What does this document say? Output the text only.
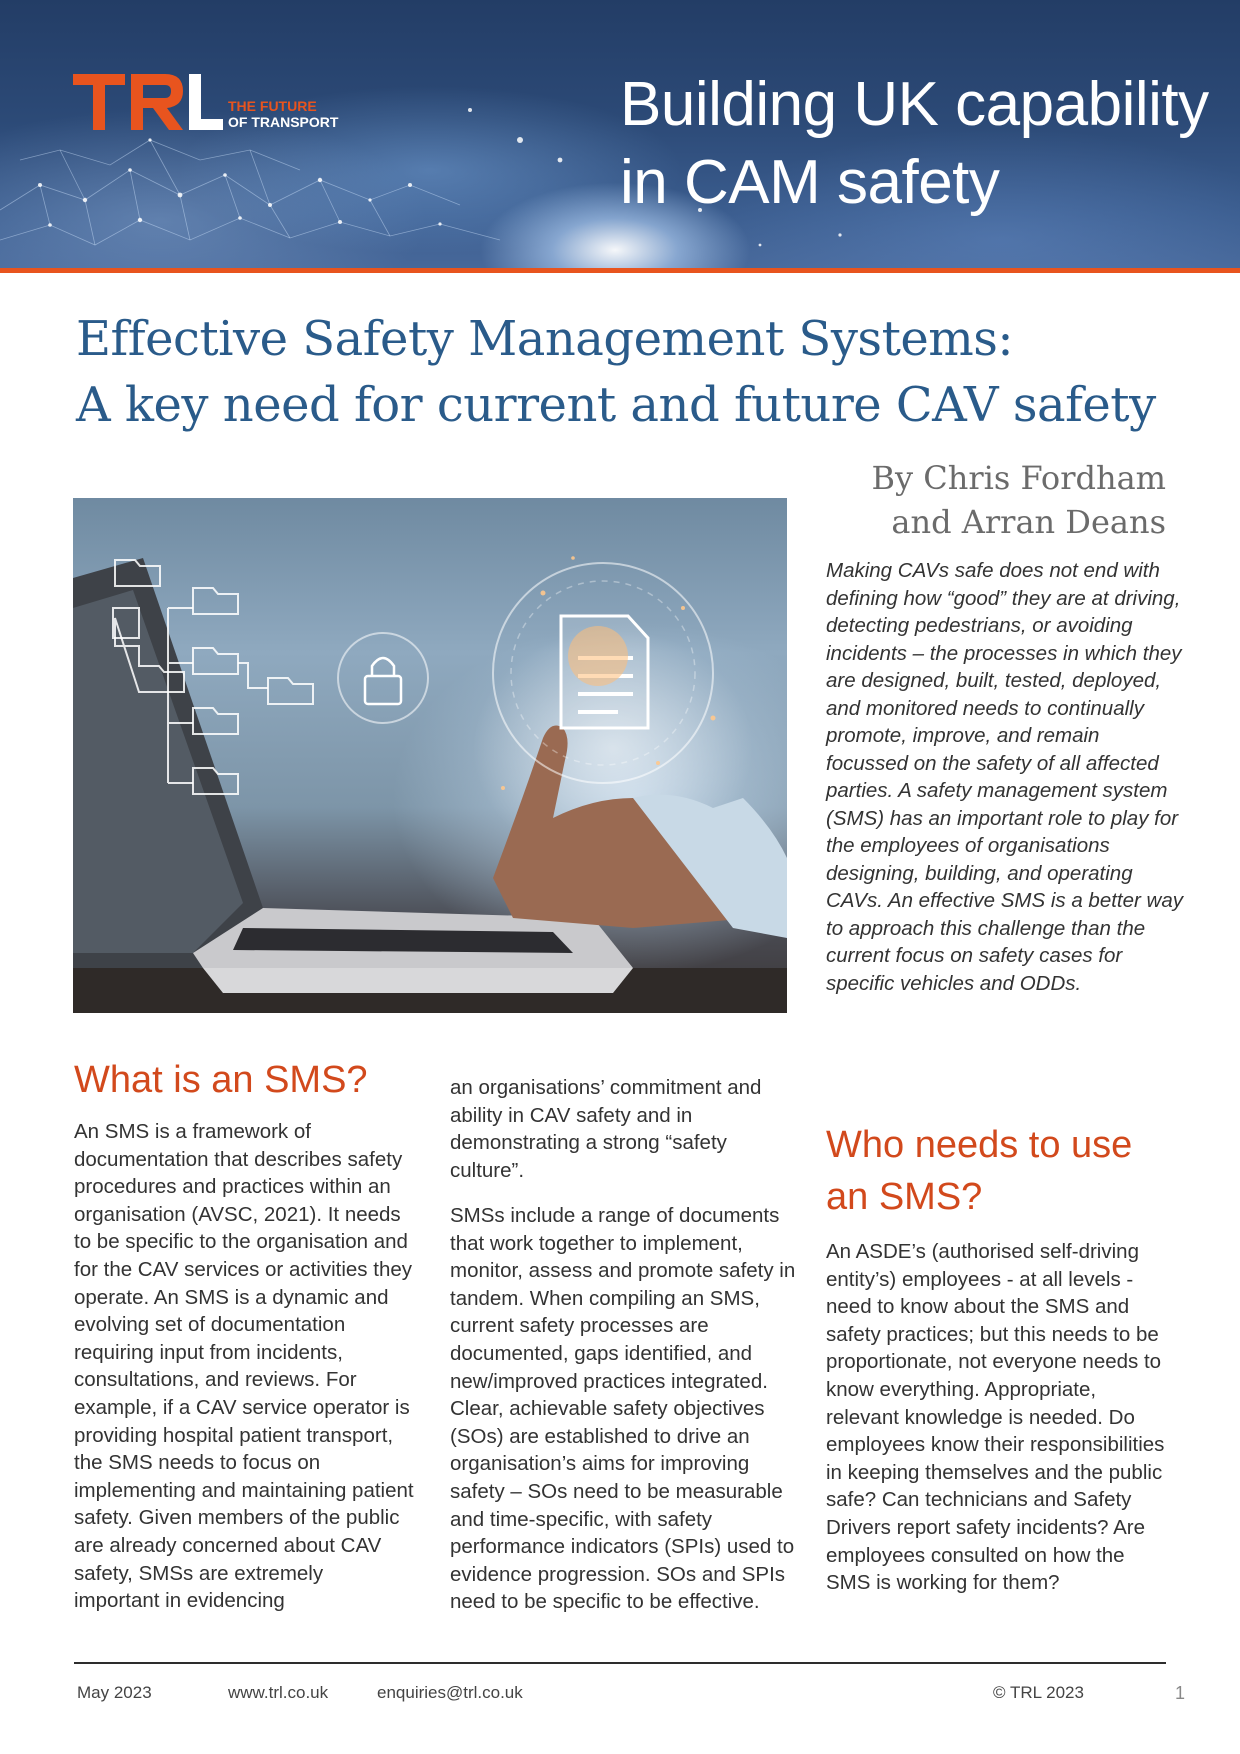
THE FUTURE
OF TRANSPORT	Building UK capability
in CAM safety
Effective Safety Management Systems:
A key need for current and future CAV safety
By Chris Fordham
and Arran Deans

Making CAVs safe does not end with defining how “good” they are at driving, detecting pedestrians, or avoiding incidents – the processes in which they are designed, built, tested, deployed, and monitored needs to continually promote, improve, and remain focussed on the safety of all affected parties. A safety management system (SMS) has an important role to play for the employees of organisations designing, building, and operating CAVs. An effective SMS is a better way to approach this challenge than the current focus on safety cases for specific vehicles and ODDs.

What is an SMS?

An SMS is a framework of documentation that describes safety procedures and practices within an organisation (AVSC, 2021). It needs to be specific to the organisation and for the CAV services or activities they operate. An SMS is a dynamic and evolving set of documentation requiring input from incidents, consultations, and reviews. For example, if a CAV service operator is providing hospital patient transport, the SMS needs to focus on implementing and maintaining patient safety. Given members of the public are already concerned about CAV safety, SMSs are extremely important in evidencing

an organisations’ commitment and ability in CAV safety and in demonstrating a strong “safety culture”.

SMSs include a range of documents that work together to implement, monitor, assess and promote safety in tandem. When compiling an SMS, current safety processes are documented, gaps identified, and new/improved practices integrated. Clear, achievable safety objectives (SOs) are established to drive an organisation’s aims for improving safety – SOs need to be measurable and time-specific, with safety performance indicators (SPIs) used to evidence progression. SOs and SPIs need to be specific to be effective.

Who needs to use an SMS?

An ASDE’s (authorised self-driving entity’s) employees - at all levels - need to know about the SMS and safety practices; but this needs to be proportionate, not everyone needs to know everything. Appropriate, relevant knowledge is needed. Do employees know their responsibilities in keeping themselves and the public safe? Can technicians and Safety Drivers report safety incidents? Are employees consulted on how the SMS is working for them?

May 2023	www.trl.co.uk	enquiries@trl.co.uk	© TRL 2023	1
